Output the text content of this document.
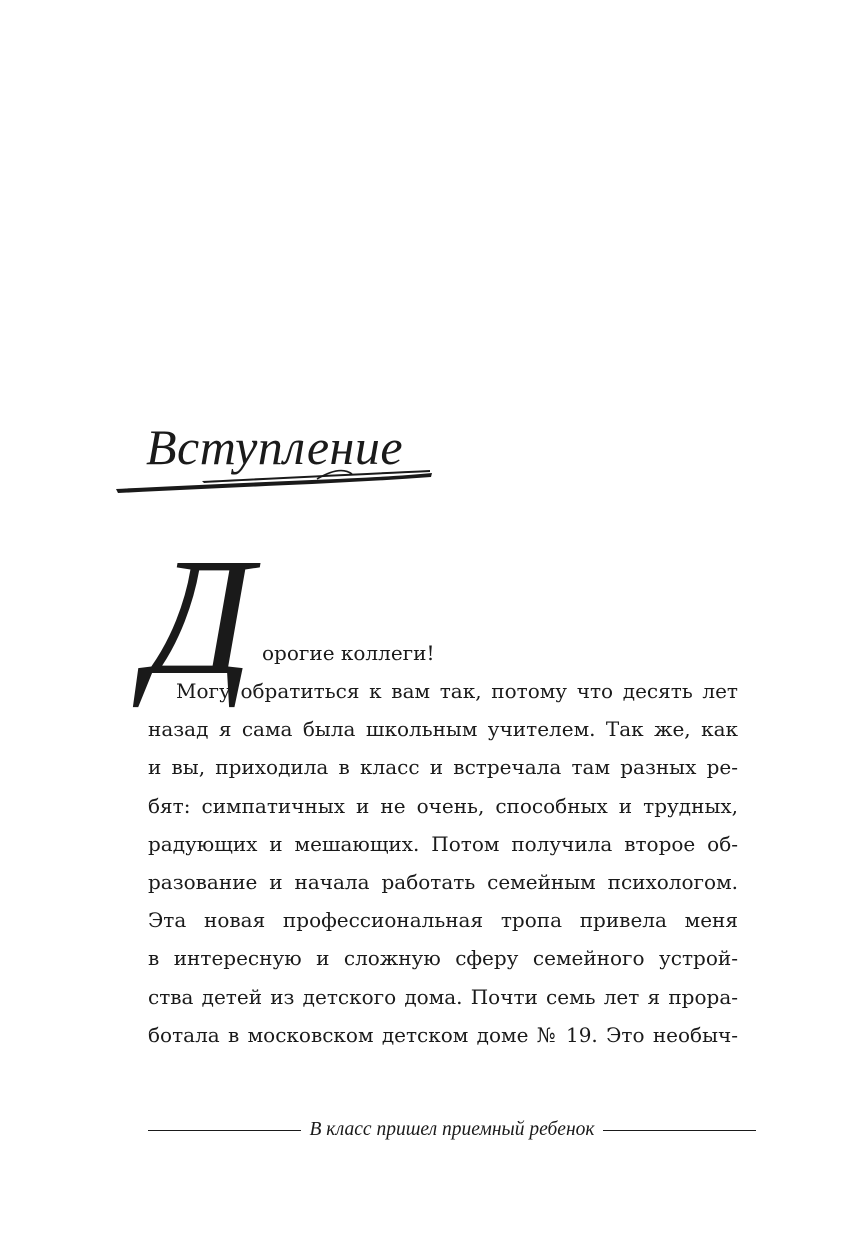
Вступление
Д орогие коллеги!

Могу обратиться к вам так, потому что десять лет
назад я сама была школьным учителем. Так же, как
и вы, приходила в класс и встречала там разных ре-
бят: симпатичных и не очень, способных и трудных,
радующих и мешающих. Потом получила второе об-
разование и начала работать семейным психологом.
Эта новая профессиональная тропа привела меня
в интересную и сложную сферу семейного устрой-
ства детей из детского дома. Почти семь лет я прора-
ботала в московском детском доме № 19. Это необыч-
В класс пришел приемный ребенок
